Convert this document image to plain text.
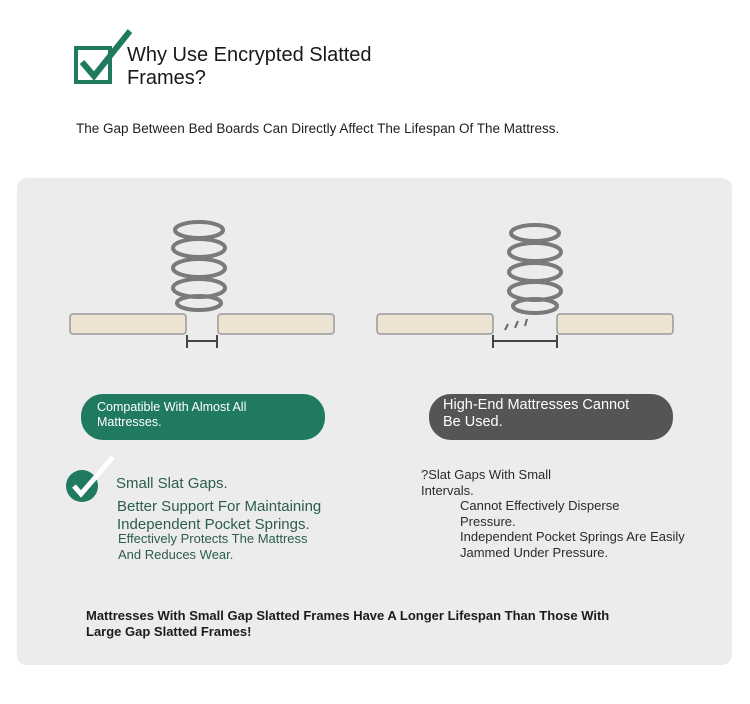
Why Use Encrypted Slatted
Frames?
The Gap Between Bed Boards Can Directly Affect The Lifespan Of The Mattress.
Compatible With Almost All
Mattresses.
High-End Mattresses Cannot
Be Used.
Small Slat Gaps.
Better Support For Maintaining
Independent Pocket Springs.
Effectively Protects The Mattress
And Reduces Wear.
?Slat Gaps With Small
Intervals.
Cannot Effectively Disperse
Pressure.
Independent Pocket Springs Are Easily
Jammed Under Pressure.
Mattresses With Small Gap Slatted Frames Have A Longer Lifespan Than Those With
Large Gap Slatted Frames!
